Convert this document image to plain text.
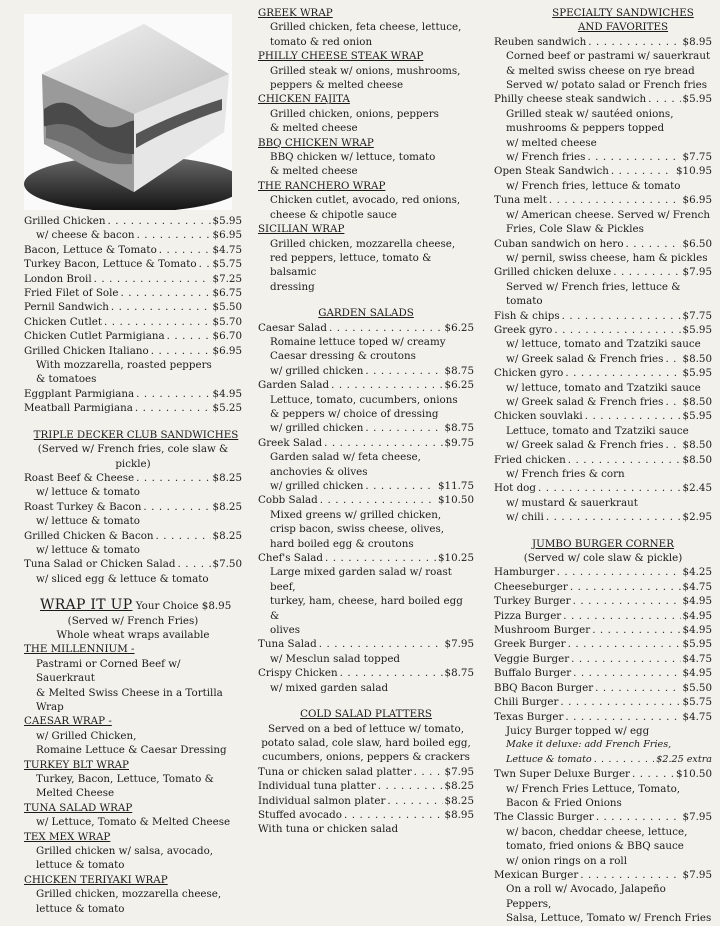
Grilled Chicken . . .	$5.95
w/ cheese & bacon . . .	$6.95
Bacon, Lettuce & Tomato . . .	$4.75
Turkey Bacon, Lettuce & Tomato . . . $5.75
London Broil . . .	$7.25
Fried Filet of Sole . . .	$6.75
Pernil Sandwich . . .	$5.50
Chicken Cutlet . . .	$5.70
Chicken Cutlet Parmigiana . . .	$6.70
Grilled Chicken Italiano . . .	$6.95
With mozzarella, roasted peppers
& tomatoes
Eggplant Parmigiana . . .	$4.95
Meatball Parmigiana . . .	$5.25
TRIPLE DECKER CLUB SANDWICHES
(Served w/ French fries, cole slaw & pickle)
Roast Beef & Cheese . . .	$8.25
w/ lettuce & tomato
Roast Turkey & Bacon . . .	$8.25
w/ lettuce & tomato
Grilled Chicken & Bacon . . .	$8.25
w/ lettuce & tomato
Tuna Salad or Chicken Salad . . .	$7.50
w/ sliced egg & lettuce & tomato
WRAP IT UP Your Choice $8.95
(Served w/ French Fries)
Whole wheat wraps available
THE MILLENNIUM -
Pastrami or Corned Beef w/ Sauerkraut
& Melted Swiss Cheese in a Tortilla Wrap
CAESAR WRAP -
w/ Grilled Chicken,
Romaine Lettuce & Caesar Dressing
TURKEY BLT WRAP
Turkey, Bacon, Lettuce, Tomato &
Melted Cheese
TUNA SALAD WRAP
w/ Lettuce, Tomato & Melted Cheese
TEX MEX WRAP
Grilled chicken w/ salsa, avocado,
lettuce & tomato
CHICKEN TERIYAKI WRAP
Grilled chicken, mozzarella cheese,
lettuce & tomato
GREEK WRAP
Grilled chicken, feta cheese, lettuce,
tomato & red onion
PHILLY CHEESE STEAK WRAP
Grilled steak w/ onions, mushrooms,
peppers & melted cheese
CHICKEN FAJITA
Grilled chicken, onions, peppers
& melted cheese
BBQ CHICKEN WRAP
BBQ chicken w/ lettuce, tomato
& melted cheese
THE RANCHERO WRAP
Chicken cutlet, avocado, red onions,
cheese & chipotle sauce
SICILIAN WRAP
Grilled chicken, mozzarella cheese,
red peppers, lettuce, tomato & balsamic
dressing
GARDEN SALADS
Caesar Salad . . .	$6.25
Romaine lettuce toped w/ creamy
Caesar dressing & croutons
w/ grilled chicken . . .	$8.75
Garden Salad . . .	$6.25
Lettuce, tomato, cucumbers, onions
& peppers w/ choice of dressing
w/ grilled chicken . . .	$8.75
Greek Salad . . .	$9.75
Garden salad w/ feta cheese,
anchovies & olives
w/ grilled chicken . . .	$11.75
Cobb Salad . . .	$10.50
Mixed greens w/ grilled chicken,
crisp bacon, swiss cheese, olives,
hard boiled egg & croutons
Chef's Salad . . .	$10.25
Large mixed garden salad w/ roast beef,
turkey, ham, cheese, hard boiled egg &
olives
Tuna Salad . . .	$7.95
w/ Mesclun salad topped
Crispy Chicken . . .	$8.75
w/ mixed garden salad
COLD SALAD PLATTERS
Served on a bed of lettuce w/ tomato,
potato salad, cole slaw, hard boiled egg,
cucumbers, onions, peppers & crackers
Tuna or chicken salad platter . . .	$7.95
Individual tuna platter . . .	$8.25
Individual salmon plater . . .	$8.25
Stuffed avocado . . .	$8.95
With tuna or chicken salad
SPECIALTY SANDWICHES
AND FAVORITES
Reuben sandwich . . .	$8.95
Corned beef or pastrami w/ sauerkraut
& melted swiss cheese on rye bread
Served w/ potato salad or French fries
Philly cheese steak sandwich . . .	$5.95
Grilled steak w/ sautéed onions,
mushrooms & peppers topped
w/ melted cheese
w/ French fries . . .	$7.75
Open Steak Sandwich . . .	$10.95
w/ French fries, lettuce & tomato
Tuna melt . . .	$6.95
w/ American cheese. Served w/ French
Fries, Cole Slaw & Pickles
Cuban sandwich on hero . . .	$6.50
w/ pernil, swiss cheese, ham & pickles
Grilled chicken deluxe . . .	$7.95
Served w/ French fries, lettuce & tomato
Fish & chips . . .	$7.75
Greek gyro . . .	$5.95
w/ lettuce, tomato and Tzatziki sauce
w/ Greek salad & French fries . . . $8.50
Chicken gyro . . .	$5.95
w/ lettuce, tomato and Tzatziki sauce
w/ Greek salad & French fries . . . $8.50
Chicken souvlaki . . .	$5.95
Lettuce, tomato and Tzatziki sauce
w/ Greek salad & French fries . . . $8.50
Fried chicken . . .	$8.50
w/ French fries & corn
Hot dog . . .	$2.45
w/ mustard & sauerkraut
w/ chili . . .	$2.95
JUMBO BURGER CORNER
(Served w/ cole slaw & pickle)
Hamburger . . .	$4.25
Cheeseburger . . .	$4.75
Turkey Burger . . .	$4.95
Pizza Burger . . .	$4.95
Mushroom Burger . . .	$4.95
Greek Burger . . .	$5.95
Veggie Burger . . .	$4.75
Buffalo Burger . . .	$4.95
BBQ Bacon Burger . . .	$5.50
Chili Burger . . .	$5.75
Texas Burger . . .	$4.75
Juicy Burger topped w/ egg
Make it deluxe: add French Fries,
Lettuce & tomato . . .	$2.25 extra
Twn Super Deluxe Burger . . .	$10.50
w/ French Fries Lettuce, Tomato,
Bacon & Fried Onions
The Classic Burger . . .	$7.95
w/ bacon, cheddar cheese, lettuce,
tomato, fried onions & BBQ sauce
w/ onion rings on a roll
Mexican Burger . . .	$7.95
On a roll w/ Avocado, Jalapeño Peppers,
Salsa, Lettuce, Tomato w/ French Fries
